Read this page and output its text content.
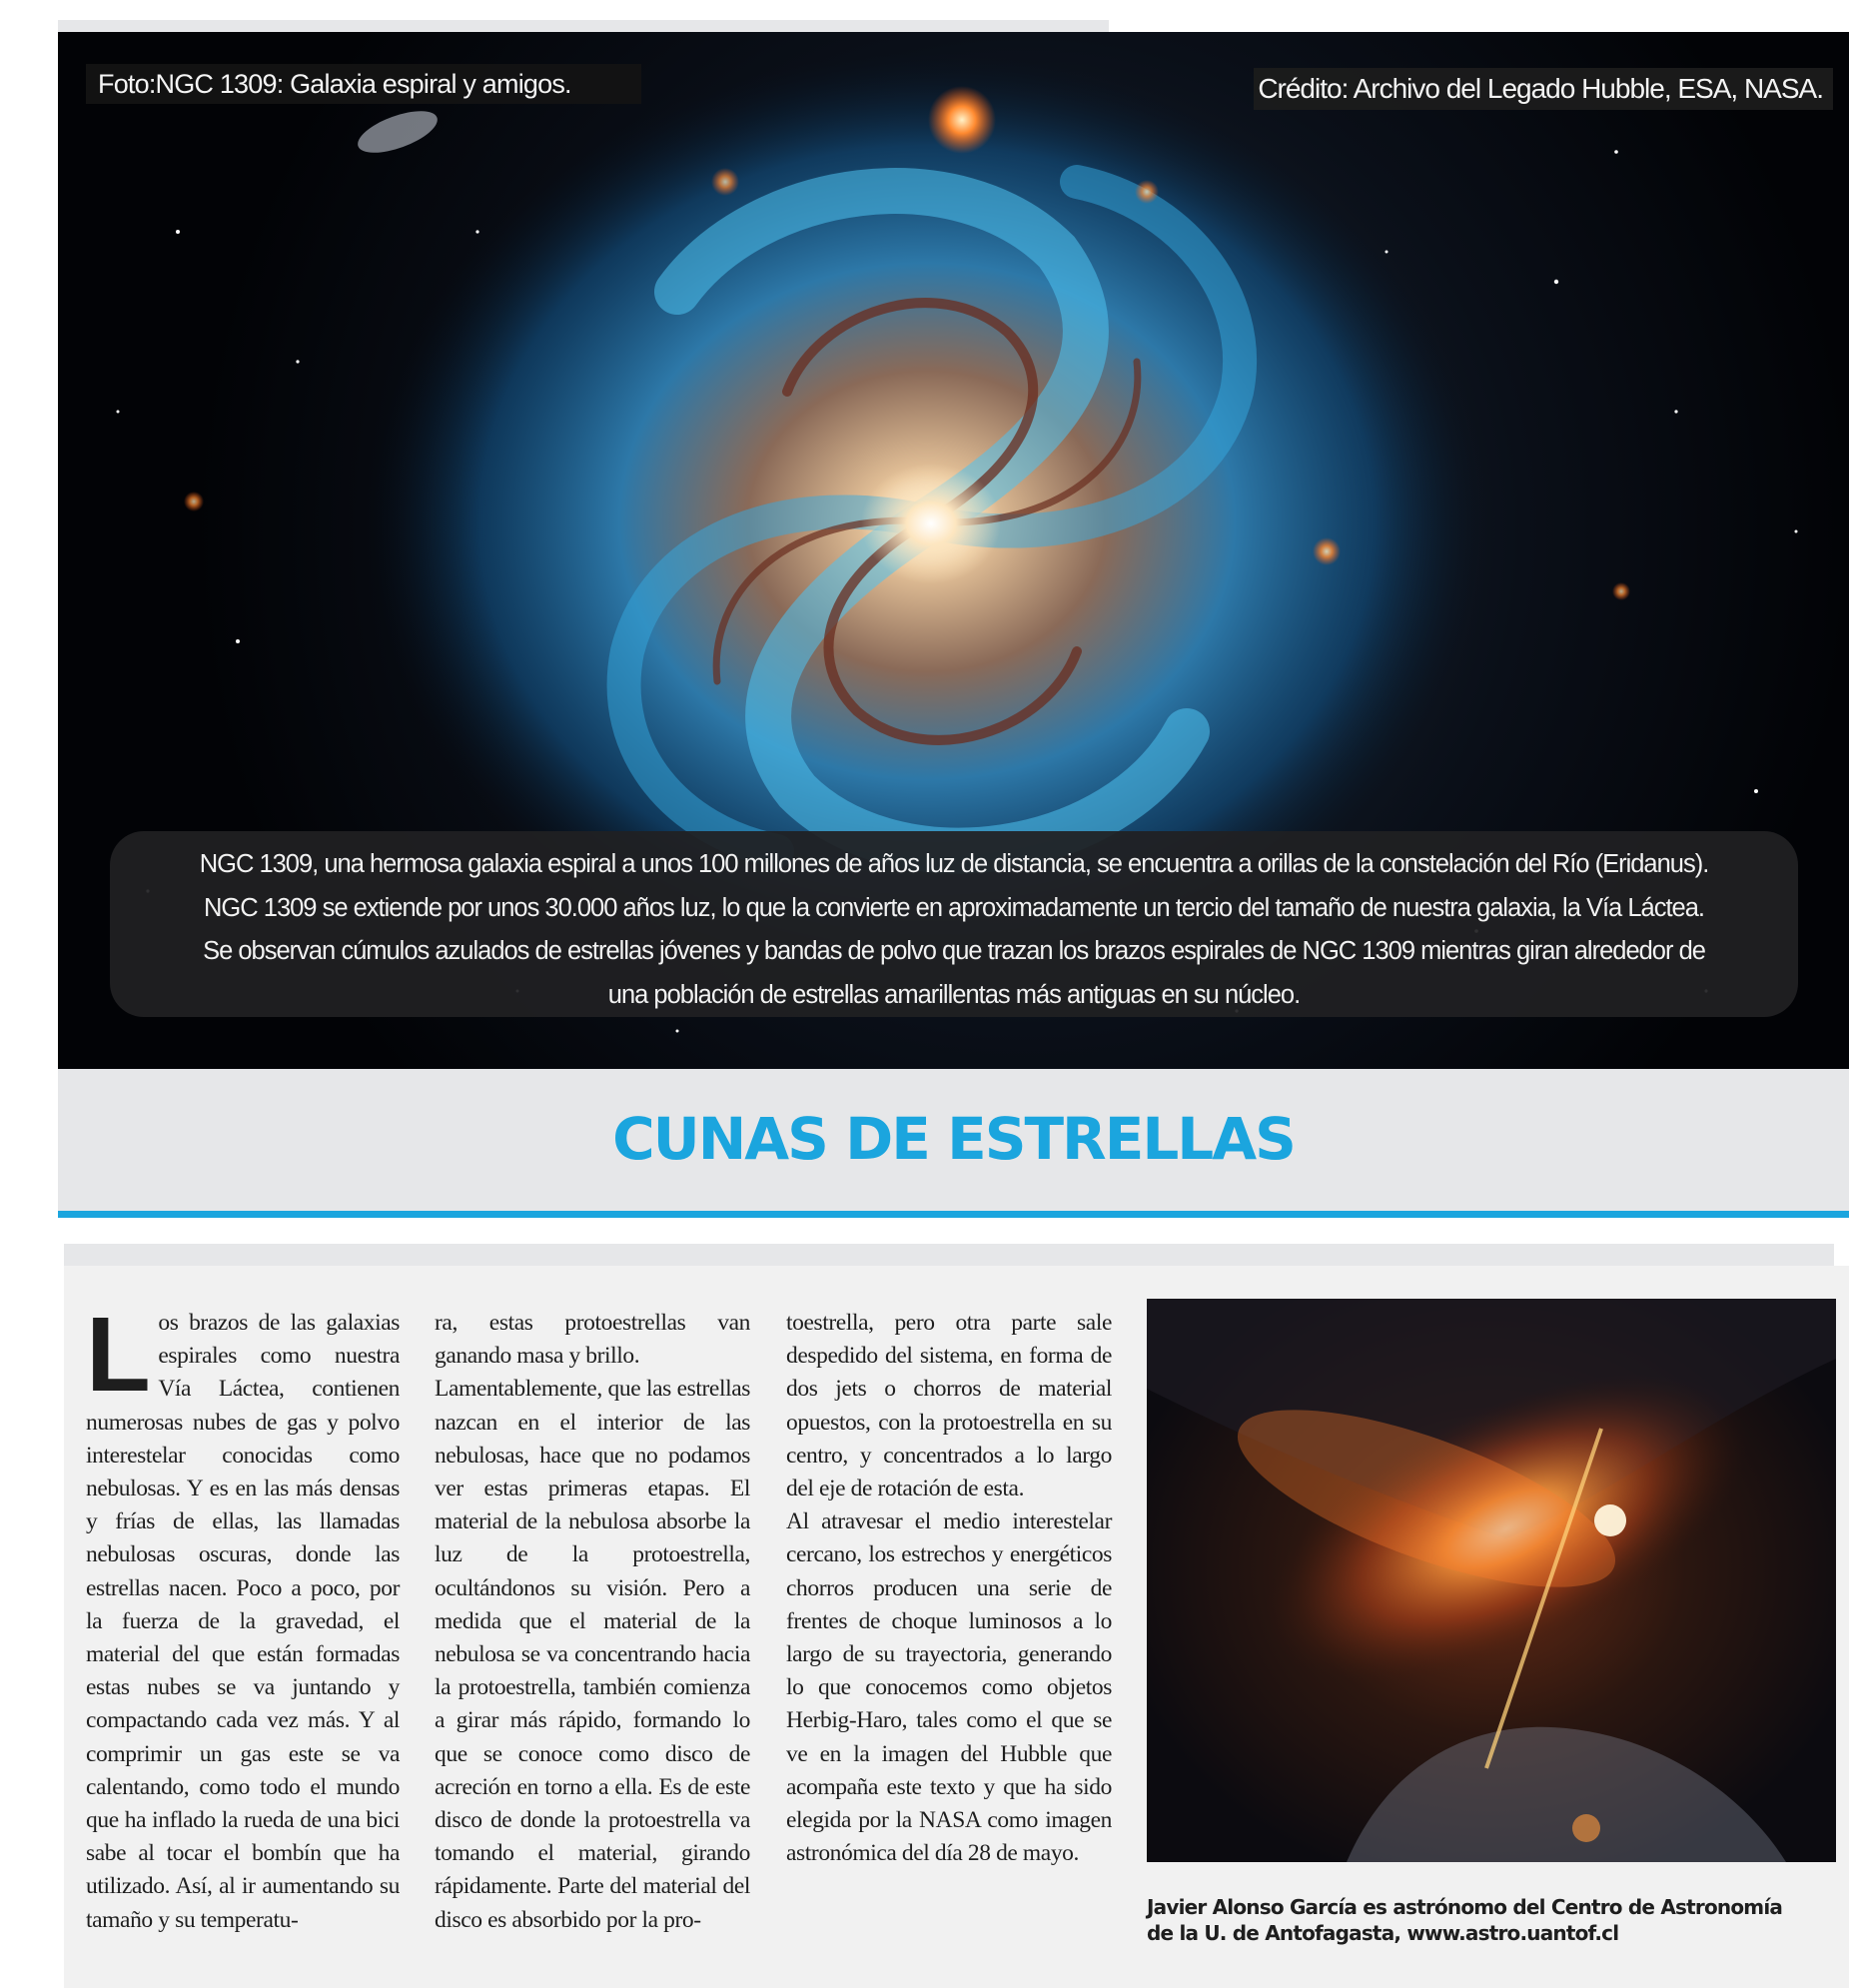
Foto:NGC 1309: Galaxia espiral y amigos.	Crédito: Archivo del Legado Hubble, ESA, NASA.
NGC 1309, una hermosa galaxia espiral a unos 100 millones de años luz de distancia, se encuentra a orillas de la constelación del Río (Eridanus).
NGC 1309 se extiende por unos 30.000 años luz, lo que la convierte en aproximadamente un tercio del tamaño de nuestra galaxia, la Vía Láctea.
Se observan cúmulos azulados de estrellas jóvenes y bandas de polvo que trazan los brazos espirales de NGC 1309 mientras giran alrededor de
una población de estrellas amarillentas más antiguas en su núcleo.
CUNAS DE ESTRELLAS
L os brazos de las galaxias espirales como nuestra Vía Láctea, contienen numerosas nubes de gas y polvo interestelar conocidas como nebulosas. Y es en las más densas y frías de ellas, las llamadas nebulosas oscuras, donde las estrellas nacen. Poco a poco, por la fuerza de la gravedad, el material del que están formadas estas nubes se va juntando y compactando cada vez más. Y al comprimir un gas este se va calentando, como todo el mundo que ha inflado la rueda de una bici sabe al tocar el bombín que ha utilizado. Así, al ir aumentando su tamaño y su temperatu-

ra, estas protoestrellas van ganando masa y brillo.

Lamentablemente, que las estrellas nazcan en el interior de las nebulosas, hace que no podamos ver estas primeras etapas. El material de la nebulosa absorbe la luz de la protoestrella, ocultándonos su visión. Pero a medida que el material de la nebulosa se va concentrando hacia la protoestrella, también comienza a girar más rápido, formando lo que se conoce como disco de acreción en torno a ella. Es de este disco de donde la protoestrella va tomando el material, girando rápidamente. Parte del material del disco es absorbido por la pro-

toestrella, pero otra parte sale despedido del sistema, en forma de dos jets o chorros de material opuestos, con la protoestrella en su centro, y concentrados a lo largo del eje de rotación de esta.

Al atravesar el medio interestelar cercano, los estrechos y energéticos chorros producen una serie de frentes de choque luminosos a lo largo de su trayectoria, generando lo que conocemos como objetos Herbig-Haro, tales como el que se ve en la imagen del Hubble que acompaña este texto y que ha sido elegida por la NASA como imagen astronómica del día 28 de mayo.

Javier Alonso García es astrónomo del Centro de Astronomía

de la U. de Antofagasta, www.astro.uantof.cl
